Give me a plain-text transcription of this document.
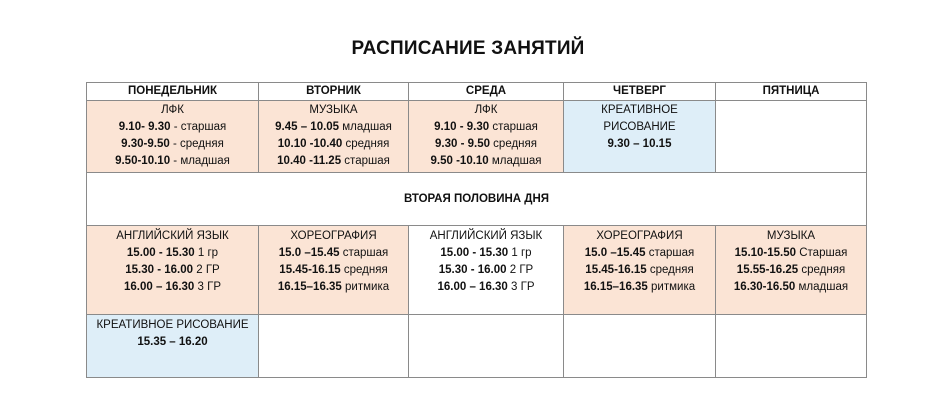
РАСПИСАНИЕ ЗАНЯТИЙ
ПОНЕДЕЛЬНИК	ВТОРНИК	СРЕДА	ЧЕТВЕРГ	ПЯТНИЦА

ЛФК
9.10- 9.30 - старшая
9.30-9.50 - средняя
9.50-10.10 - младшая	МУЗЫКА
9.45 – 10.05 младшая
10.10 -10.40 средняя
10.40 -11.25 старшая	ЛФК
9.10 - 9.30 старшая
9.30 - 9.50 средняя
9.50 -10.10 младшая	КРЕАТИВНОЕ
РИСОВАНИЕ
9.30 – 10.15	

ВТОРАЯ ПОЛОВИНА ДНЯ				

АНГЛИЙСКИЙ ЯЗЫК
15.00 - 15.30 1 гр
15.30 - 16.00 2 ГР
16.00 – 16.30 3 ГР	ХОРЕОГРАФИЯ
15.0 –15.45 старшая
15.45-16.15 средняя
16.15–16.35 ритмика	АНГЛИЙСКИЙ ЯЗЫК
15.00 - 15.30 1 гр
15.30 - 16.00 2 ГР
16.00 – 16.30 3 ГР	ХОРЕОГРАФИЯ
15.0 –15.45 старшая
15.45-16.15 средняя
16.15–16.35 ритмика	МУЗЫКА
15.10-15.50 Старшая
15.55-16.25 средняя
16.30-16.50 младшая

КРЕАТИВНОЕ РИСОВАНИЕ
15.35 – 16.20				
